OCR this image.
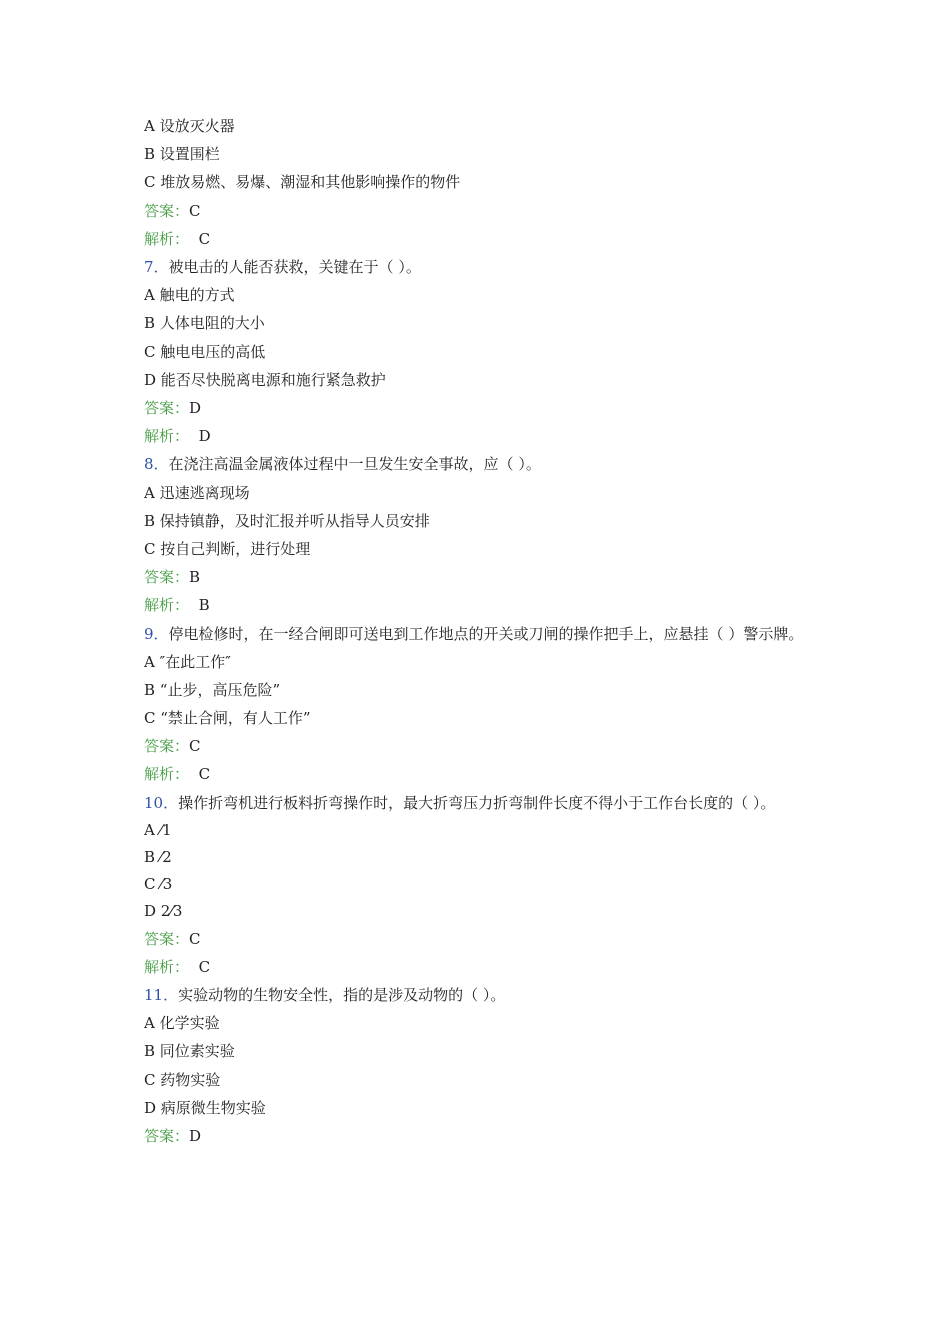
A 设放灭火器
B 设置围栏
C 堆放易燃、易爆、潮湿和其他影响操作的物件
答案：C
解析： C
7．被电击的人能否获救，关键在于（ ）。
A 触电的方式
B 人体电阻的大小
C 触电电压的高低
D 能否尽快脱离电源和施行紧急救护
答案：D
解析： D
8．在浇注高温金属液体过程中一旦发生安全事故，应（ ）。
A 迅速逃离现场
B 保持镇静，及时汇报并听从指导人员安排
C 按自己判断，进行处理
答案：B
解析： B
9．停电检修时，在一经合闸即可送电到工作地点的开关或刀闸的操作把手上，应悬挂（ ）警示牌。
A ″在此工作″
B “止步，高压危险”
C “禁止合闸，有人工作”
答案：C
解析： C
10．操作折弯机进行板料折弯操作时，最大折弯压力折弯制件长度不得小于工作台长度的（ ）。
A ⁄1
B ⁄2
C ⁄3
D 2⁄3
答案：C
解析： C
11．实验动物的生物安全性，指的是涉及动物的（ ）。
A 化学实验
B 同位素实验
C 药物实验
D 病原微生物实验
答案：D
